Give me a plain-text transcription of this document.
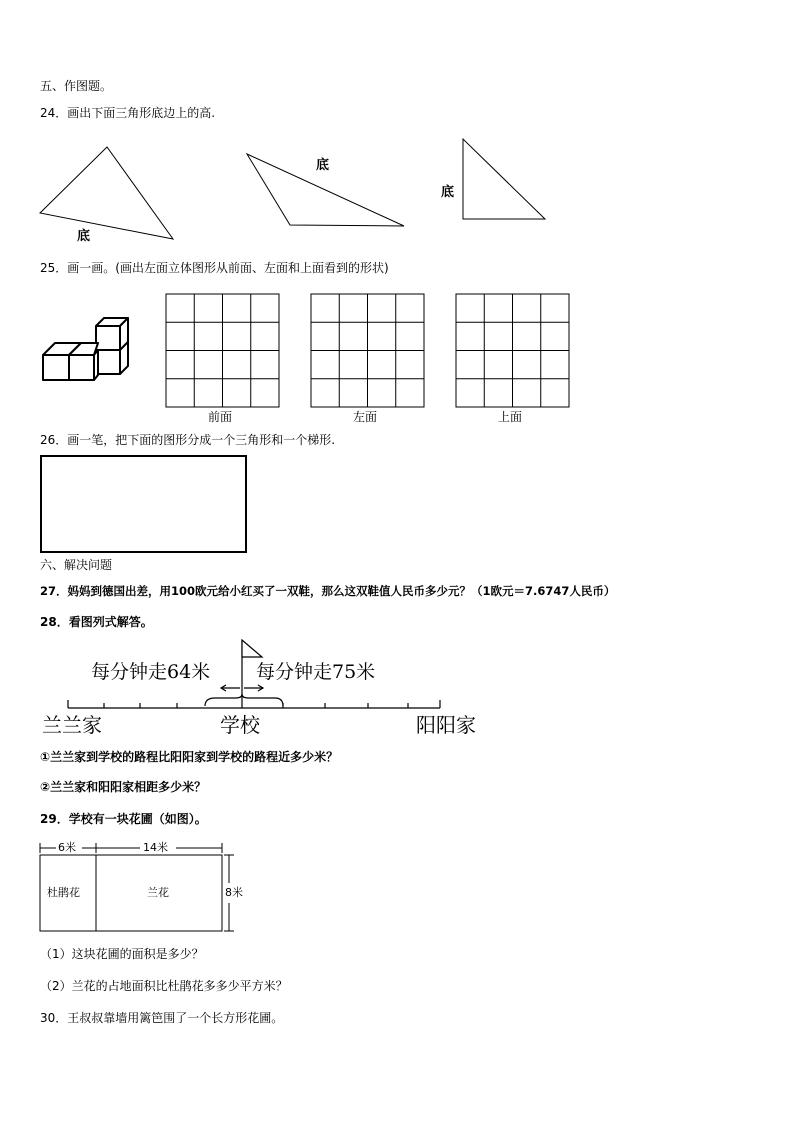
五、作图题。
24．画出下面三角形底边上的高.
底
底
底
25．画一画。(画出左面立体图形从前面、左面和上面看到的形状)
前面	左面	上面
26．画一笔，把下面的图形分成一个三角形和一个梯形.
六、解决问题
27．妈妈到德国出差，用100欧元给小红买了一双鞋，那么这双鞋值人民币多少元？（1欧元＝7.6747人民币）
28．看图列式解答。
每分钟走64米 每分钟走75米
兰兰家	学校	阳阳家
①兰兰家到学校的路程比阳阳家到学校的路程近多少米？
②兰兰家和阳阳家相距多少米？
29．学校有一块花圃（如图）。
6米	14米
8米
杜鹃花	兰花
（1）这块花圃的面积是多少？
（2）兰花的占地面积比杜鹃花多多少平方米？
30．王叔叔靠墙用篱笆围了一个长方形花圃。
